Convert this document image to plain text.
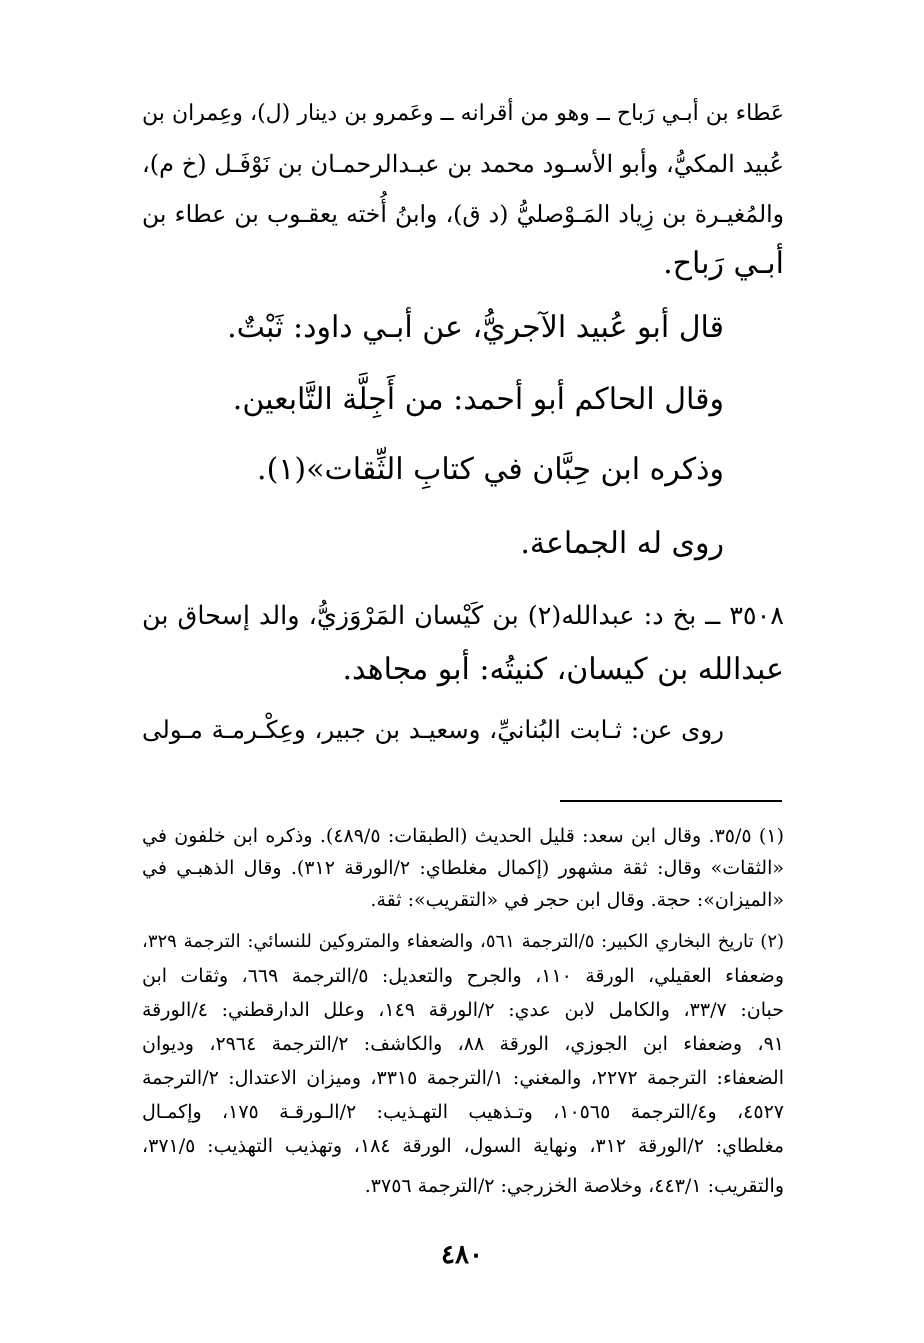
عَطاء بن أبـي رَباح ــ وهو من أقرانه ــ وعَمرو بن دينار (ل)، وعِمران بن
عُبيد المكيُّ، وأبو الأسـود محمد بن عبـدالرحمـان بن نَوْفَـل (خ م)،
والمُغيـرة بن زِياد المَـوْصليُّ (د ق)، وابنُ أُخته يعقـوب بن عطاء بن
أبـي رَباح.
قال أبو عُبيد الآجريُّ، عن أبـي داود: ثَبْتٌ.
وقال الحاكم أبو أحمد: من أَجِلَّة التَّابعين.
وذكره ابن حِبَّان في كتابِ الثِّقات»(١).
روى له الجماعة.
٣٥٠٨ ــ بخ د: عبدالله(٢) بن كَيْسان المَرْوَزيُّ، والد إسحاق بن
عبدالله بن كيسان، كنيتُه: أبو مجاهد.
روى عن: ثـابت البُنانيِّ، وسعيـد بن جبير، وعِكْـرمـة مـولى
(١) ٣٥/٥. وقال ابن سعد: قليل الحديث (الطبقات: ٤٨٩/٥). وذكره ابن خلفون في
«الثقات» وقال: ثقة مشهور (إكمال مغلطاي: ٢/الورقة ٣١٢). وقال الذهبـي في
«الميزان»: حجة. وقال ابن حجر في «التقريب»: ثقة.
(٢) تاريخ البخاري الكبير: ٥/الترجمة ٥٦١، والضعفاء والمتروكين للنسائي: الترجمة ٣٢٩،
وضعفاء العقيلي، الورقة ١١٠، والجرح والتعديل: ٥/الترجمة ٦٦٩، وثقات ابن
حبان: ٣٣/٧، والكامل لابن عدي: ٢/الورقة ١٤٩، وعلل الدارقطني: ٤/الورقة
٩١، وضعفاء ابن الجوزي، الورقة ٨٨، والكاشف: ٢/الترجمة ٢٩٦٤، وديوان
الضعفاء: الترجمة ٢٢٧٢، والمغني: ١/الترجمة ٣٣١٥، وميزان الاعتدال: ٢/الترجمة
٤٥٢٧، و٤/الترجمة ١٠٥٦٥، وتـذهيب التهـذيب: ٢/الـورقـة ١٧٥، وإكمـال
مغلطاي: ٢/الورقة ٣١٢، ونهاية السول، الورقة ١٨٤، وتهذيب التهذيب: ٣٧١/٥،
والتقريب: ٤٤٣/١، وخلاصة الخزرجي: ٢/الترجمة ٣٧٥٦.
٤٨٠
